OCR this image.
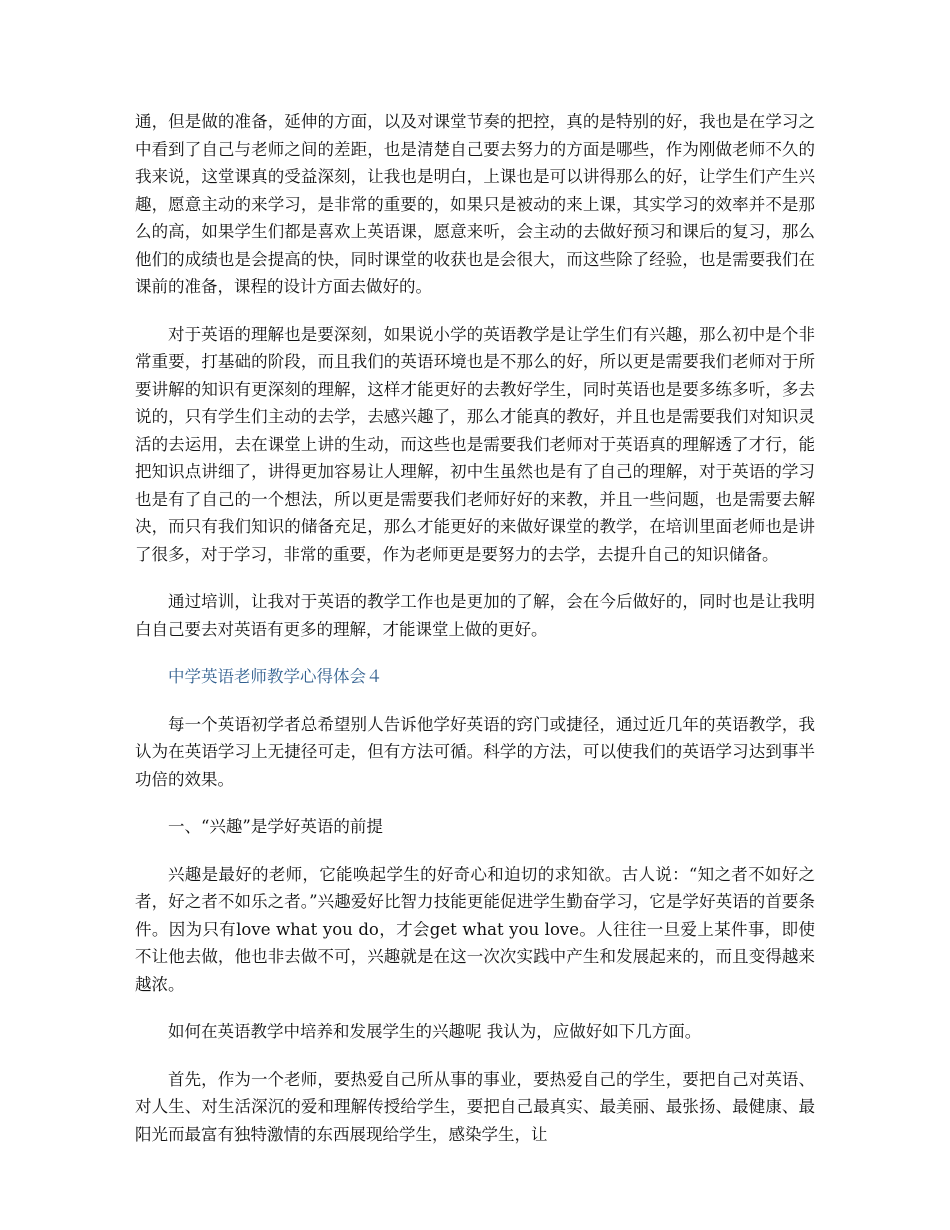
通，但是做的准备，延伸的方面，以及对课堂节奏的把控，真的是特别的好，我也是在学习之中看到了自己与老师之间的差距，也是清楚自己要去努力的方面是哪些，作为刚做老师不久的我来说，这堂课真的受益深刻，让我也是明白，上课也是可以讲得那么的好，让学生们产生兴趣，愿意主动的来学习，是非常的重要的，如果只是被动的来上课，其实学习的效率并不是那么的高，如果学生们都是喜欢上英语课，愿意来听，会主动的去做好预习和课后的复习，那么他们的成绩也是会提高的快，同时课堂的收获也是会很大，而这些除了经验，也是需要我们在课前的准备，课程的设计方面去做好的。

对于英语的理解也是要深刻，如果说小学的英语教学是让学生们有兴趣，那么初中是个非常重要，打基础的阶段，而且我们的英语环境也是不那么的好，所以更是需要我们老师对于所要讲解的知识有更深刻的理解，这样才能更好的去教好学生，同时英语也是要多练多听，多去说的，只有学生们主动的去学，去感兴趣了，那么才能真的教好，并且也是需要我们对知识灵活的去运用，去在课堂上讲的生动，而这些也是需要我们老师对于英语真的理解透了才行，能把知识点讲细了，讲得更加容易让人理解，初中生虽然也是有了自己的理解，对于英语的学习也是有了自己的一个想法，所以更是需要我们老师好好的来教，并且一些问题，也是需要去解决，而只有我们知识的储备充足，那么才能更好的来做好课堂的教学，在培训里面老师也是讲了很多，对于学习，非常的重要，作为老师更是要努力的去学，去提升自己的知识储备。

通过培训，让我对于英语的教学工作也是更加的了解，会在今后做好的，同时也是让我明白自己要去对英语有更多的理解，才能课堂上做的更好。

中学英语老师教学心得体会４

每一个英语初学者总希望别人告诉他学好英语的窍门或捷径，通过近几年的英语教学，我认为在英语学习上无捷径可走，但有方法可循。科学的方法，可以使我们的英语学习达到事半功倍的效果。

一、“兴趣”是学好英语的前提

兴趣是最好的老师，它能唤起学生的好奇心和迫切的求知欲。古人说：“知之者不如好之者，好之者不如乐之者。”兴趣爱好比智力技能更能促进学生勤奋学习，它是学好英语的首要条件。因为只有love what you do，才会get what you love。人往往一旦爱上某件事，即使不让他去做，他也非去做不可，兴趣就是在这一次次实践中产生和发展起来的，而且变得越来越浓。

如何在英语教学中培养和发展学生的兴趣呢 我认为，应做好如下几方面。

首先，作为一个老师，要热爱自己所从事的事业，要热爱自己的学生，要把自己对英语、对人生、对生活深沉的爱和理解传授给学生，要把自己最真实、最美丽、最张扬、最健康、最阳光而最富有独特激情的东西展现给学生，感染学生，让
